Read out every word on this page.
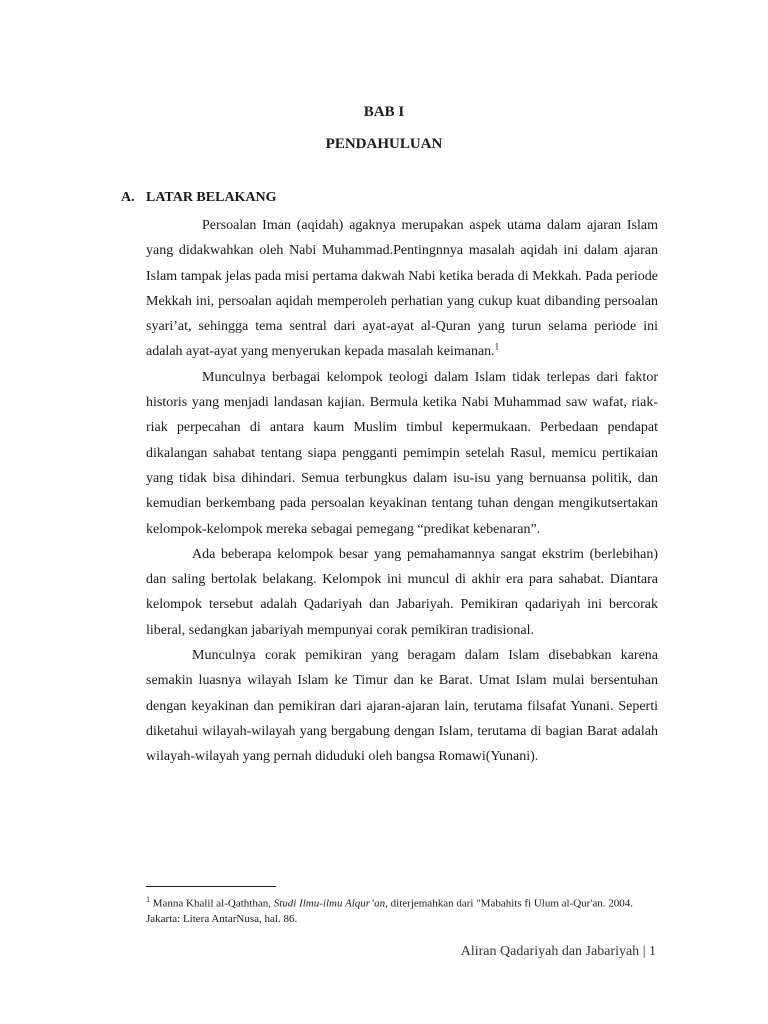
BAB I
PENDAHULUAN
A. LATAR BELAKANG

Persoalan Iman (aqidah) agaknya merupakan aspek utama dalam ajaran Islam yang didakwahkan oleh Nabi Muhammad.Pentingnnya masalah aqidah ini dalam ajaran Islam tampak jelas pada misi pertama dakwah Nabi ketika berada di Mekkah. Pada periode Mekkah ini, persoalan aqidah memperoleh perhatian yang cukup kuat dibanding persoalan syari’at, sehingga tema sentral dari ayat-ayat al-Quran yang turun selama periode ini adalah ayat-ayat yang menyerukan kepada masalah keimanan.$^1$

Munculnya berbagai kelompok teologi dalam Islam tidak terlepas dari faktor historis yang menjadi landasan kajian. Bermula ketika Nabi Muhammad saw wafat, riak-riak perpecahan di antara kaum Muslim timbul kepermukaan. Perbedaan pendapat dikalangan sahabat tentang siapa pengganti pemimpin setelah Rasul, memicu pertikaian yang tidak bisa dihindari. Semua terbungkus dalam isu-isu yang bernuansa politik, dan kemudian berkembang pada persoalan keyakinan tentang tuhan dengan mengikutsertakan kelompok-kelompok mereka sebagai pemegang “predikat kebenaran”.

Ada beberapa kelompok besar yang pemahamannya sangat ekstrim (berlebihan) dan saling bertolak belakang. Kelompok ini muncul di akhir era para sahabat. Diantara kelompok tersebut adalah Qadariyah dan Jabariyah. Pemikiran qadariyah ini bercorak liberal, sedangkan jabariyah mempunyai corak pemikiran tradisional.

Munculnya corak pemikiran yang beragam dalam Islam disebabkan karena semakin luasnya wilayah Islam ke Timur dan ke Barat. Umat Islam mulai bersentuhan dengan keyakinan dan pemikiran dari ajaran-ajaran lain, terutama filsafat Yunani. Seperti diketahui wilayah-wilayah yang bergabung dengan Islam, terutama di bagian Barat adalah wilayah-wilayah yang pernah diduduki oleh bangsa Romawi(Yunani).

$^1$ Manna Khalil al-Qaththan, Studi Ilmu-ilmu Alqur’an, diterjemahkan dari "Mabahits fi Ulum al-Qur'an. 2004. Jakarta: Litera AntarNusa, hal. 86.
Aliran Qadariyah dan Jabariyah | 1
